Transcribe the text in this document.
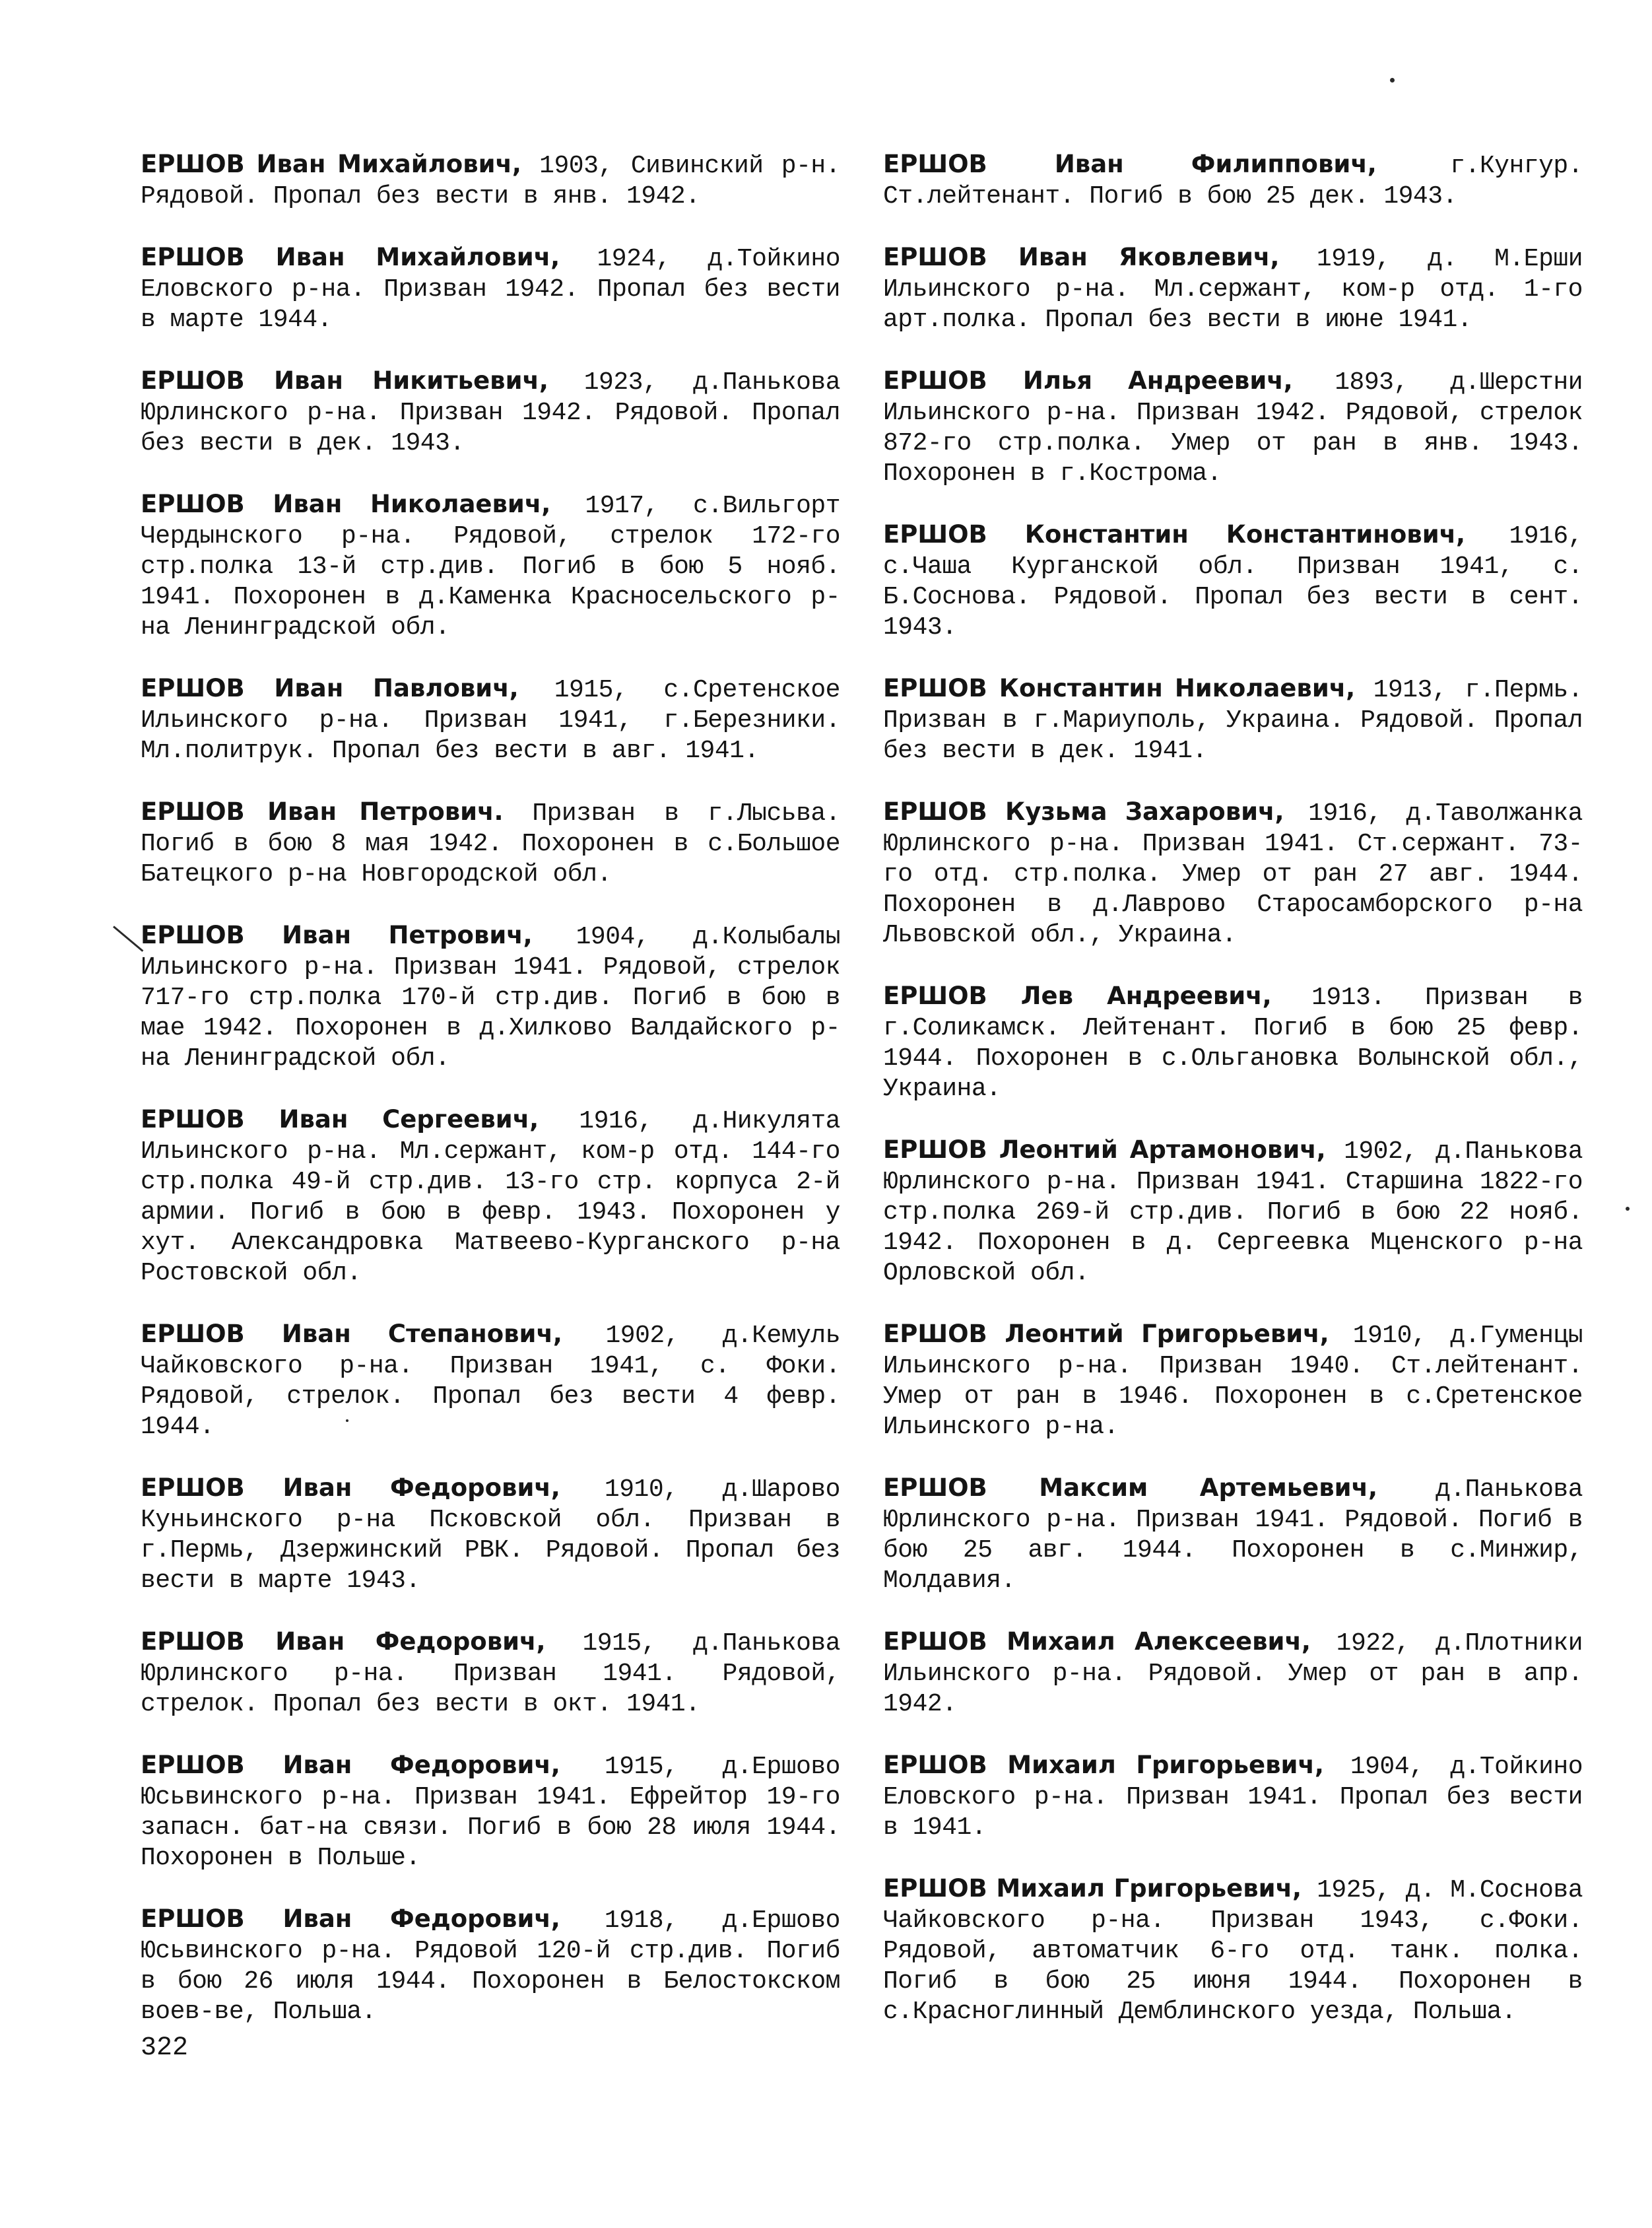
ЕРШОВ Иван Михайлович, 1903, Сивинский р-н. Рядовой. Пропал без вести в янв. 1942.

ЕРШОВ Иван Михайлович, 1924, д.Тойкино Еловского р-на. Призван 1942. Пропал без вести в марте 1944.

ЕРШОВ Иван Никитьевич, 1923, д.Панькова Юрлинского р-на. Призван 1942. Рядовой. Пропал без вести в дек. 1943.

ЕРШОВ Иван Николаевич, 1917, с.Вильгорт Чердынского р-на. Рядовой, стрелок 172-го стр.полка 13-й стр.див. Погиб в бою 5 нояб. 1941. Похоронен в д.Каменка Красносельского р-на Ленинградской обл.

ЕРШОВ Иван Павлович, 1915, с.Сретенское Ильинского р-на. Призван 1941, г.Березники. Мл.политрук. Пропал без вести в авг. 1941.

ЕРШОВ Иван Петрович. Призван в г.Лысьва. Погиб в бою 8 мая 1942. Похоронен в с.Большое Батецкого р-на Новгородской обл.

ЕРШОВ Иван Петрович, 1904, д.Колыбалы Ильинского р-на. Призван 1941. Рядовой, стрелок 717-го стр.полка 170-й стр.див. Погиб в бою в мае 1942. Похоронен в д.Хилково Валдайского р-на Ленинградской обл.

ЕРШОВ Иван Сергеевич, 1916, д.Никулята Ильинского р-на. Мл.сержант, ком-р отд. 144-го стр.полка 49-й стр.див. 13-го стр. корпуса 2-й армии. Погиб в бою в февр. 1943. Похоронен у хут. Александровка Матвеево-Курганского р-на Ростовской обл.

ЕРШОВ Иван Степанович, 1902, д.Кемуль Чайковского р-на. Призван 1941, с. Фоки. Рядовой, стрелок. Пропал без вести 4 февр. 1944.

ЕРШОВ Иван Федорович, 1910, д.Шарово Куньинского р-на Псковской обл. Призван в г.Пермь, Дзержинский РВК. Рядовой. Пропал без вести в марте 1943.

ЕРШОВ Иван Федорович, 1915, д.Панькова Юрлинского р-на. Призван 1941. Рядовой, стрелок. Пропал без вести в окт. 1941.

ЕРШОВ Иван Федорович, 1915, д.Ершово Юсьвинского р-на. Призван 1941. Ефрейтор 19-го запасн. бат-на связи. Погиб в бою 28 июля 1944. Похоронен в Польше.

ЕРШОВ Иван Федорович, 1918, д.Ершово Юсьвинского р-на. Рядовой 120-й стр.див. Погиб в бою 26 июля 1944. Похоронен в Белостокском воев-ве, Польша.

ЕРШОВ Иван Филиппович, г.Кунгур. Ст.лейтенант. Погиб в бою 25 дек. 1943.

ЕРШОВ Иван Яковлевич, 1919, д. М.Ерши Ильинского р-на. Мл.сержант, ком-р отд. 1-го арт.полка. Пропал без вести в июне 1941.

ЕРШОВ Илья Андреевич, 1893, д.Шерстни Ильинского р-на. Призван 1942. Рядовой, стрелок 872-го стр.полка. Умер от ран в янв. 1943. Похоронен в г.Кострома.

ЕРШОВ Константин Константинович, 1916, с.Чаша Курганской обл. Призван 1941, с. Б.Соснова. Рядовой. Пропал без вести в сент. 1943.

ЕРШОВ Константин Николаевич, 1913, г.Пермь. Призван в г.Мариуполь, Украина. Рядовой. Пропал без вести в дек. 1941.

ЕРШОВ Кузьма Захарович, 1916, д.Таволжанка Юрлинского р-на. Призван 1941. Ст.сержант. 73-го отд. стр.полка. Умер от ран 27 авг. 1944. Похоронен в д.Лаврово Старосамборского р-на Львовской обл., Украина.

ЕРШОВ Лев Андреевич, 1913. Призван в г.Соликамск. Лейтенант. Погиб в бою 25 февр. 1944. Похоронен в с.Ольгановка Волынской обл., Украина.

ЕРШОВ Леонтий Артамонович, 1902, д.Панькова Юрлинского р-на. Призван 1941. Старшина 1822-го стр.полка 269-й стр.див. Погиб в бою 22 нояб. 1942. Похоронен в д. Сергеевка Мценского р-на Орловской обл.

ЕРШОВ Леонтий Григорьевич, 1910, д.Гуменцы Ильинского р-на. Призван 1940. Ст.лейтенант. Умер от ран в 1946. Похоронен в с.Сретенское Ильинского р-на.

ЕРШОВ Максим Артемьевич, д.Панькова Юрлинского р-на. Призван 1941. Рядовой. Погиб в бою 25 авг. 1944. Похоронен в с.Минжир, Молдавия.

ЕРШОВ Михаил Алексеевич, 1922, д.Плотники Ильинского р-на. Рядовой. Умер от ран в апр. 1942.

ЕРШОВ Михаил Григорьевич, 1904, д.Тойкино Еловского р-на. Призван 1941. Пропал без вести в 1941.

ЕРШОВ Михаил Григорьевич, 1925, д. М.Соснова Чайковского р-на. Призван 1943, с.Фоки. Рядовой, автоматчик 6-го отд. танк. полка. Погиб в бою 25 июня 1944. Похоронен в с.Красноглинный Демблинского уезда, Польша.

322
